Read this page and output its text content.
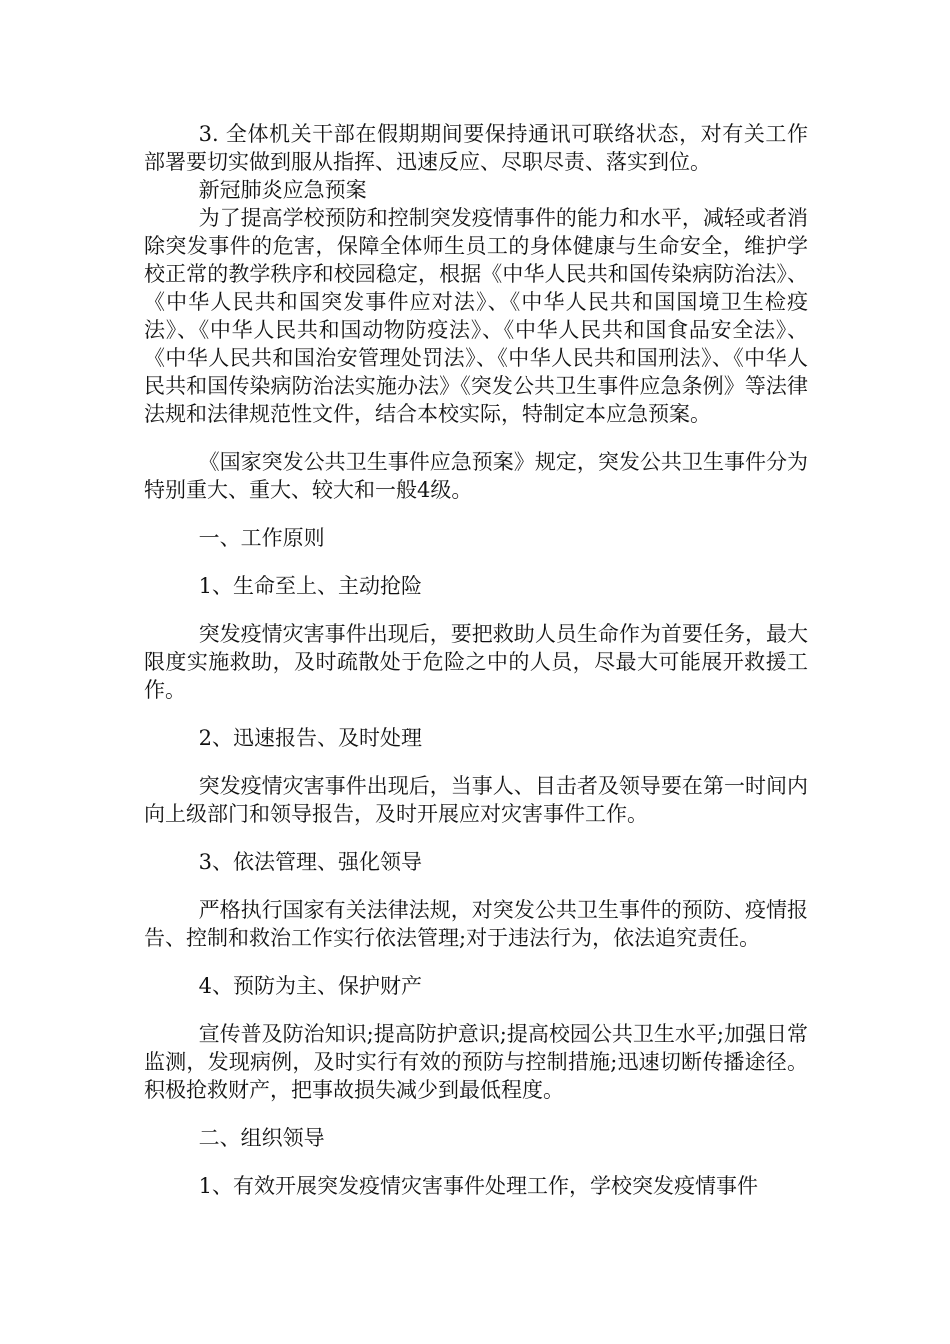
3. 全体机关干部在假期期间要保持通讯可联络状态，对有关工作部署要切实做到服从指挥、迅速反应、尽职尽责、落实到位。

新冠肺炎应急预案

为了提高学校预防和控制突发疫情事件的能力和水平，减轻或者消除突发事件的危害，保障全体师生员工的身体健康与生命安全，维护学校正常的教学秩序和校园稳定，根据《中华人民共和国传染病防治法》、《中华人民共和国突发事件应对法》、《中华人民共和国国境卫生检疫法》、《中华人民共和国动物防疫法》、《中华人民共和国食品安全法》、《中华人民共和国治安管理处罚法》、《中华人民共和国刑法》、《中华人民共和国传染病防治法实施办法》《突发公共卫生事件应急条例》等法律法规和法律规范性文件，结合本校实际，特制定本应急预案。

《国家突发公共卫生事件应急预案》规定，突发公共卫生事件分为特别重大、重大、较大和一般4级。

一、工作原则

1、生命至上、主动抢险

突发疫情灾害事件出现后，要把救助人员生命作为首要任务，最大限度实施救助，及时疏散处于危险之中的人员，尽最大可能展开救援工作。

2、迅速报告、及时处理

突发疫情灾害事件出现后，当事人、目击者及领导要在第一时间内向上级部门和领导报告，及时开展应对灾害事件工作。

3、依法管理、强化领导

严格执行国家有关法律法规，对突发公共卫生事件的预防、疫情报告、控制和救治工作实行依法管理;对于违法行为，依法追究责任。

4、预防为主、保护财产

宣传普及防治知识;提高防护意识;提高校园公共卫生水平;加强日常监测，发现病例，及时实行有效的预防与控制措施;迅速切断传播途径。积极抢救财产，把事故损失减少到最低程度。

二、组织领导

1、有效开展突发疫情灾害事件处理工作，学校突发疫情事件
